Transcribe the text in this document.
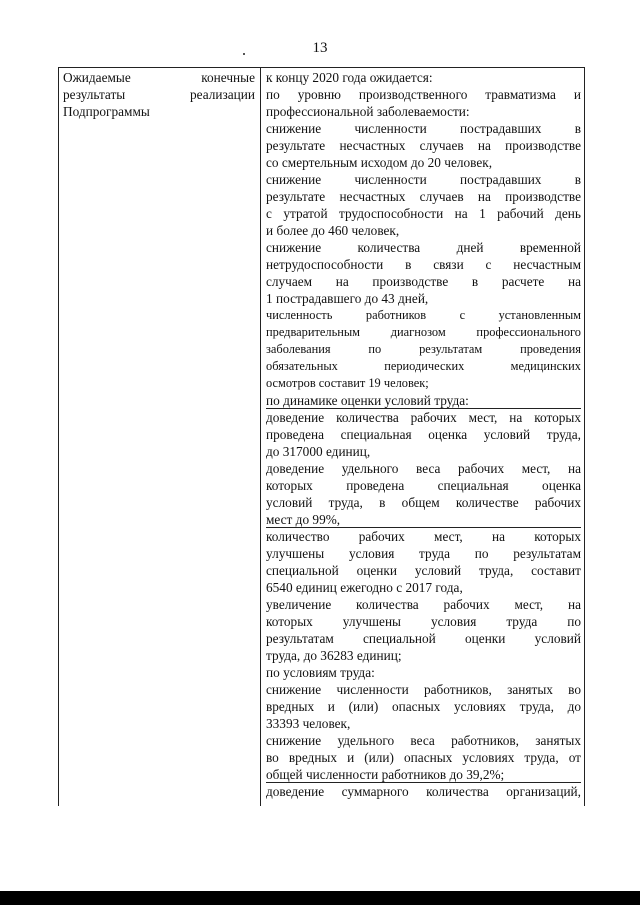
13
Ожидаемые	конечные
результаты	реализации
Подпрограммы
к концу 2020 года ожидается:
по уровню производственного травматизма и
профессиональной заболеваемости:
снижение численности пострадавших в
результате несчастных случаев на производстве
со смертельным исходом до 20 человек,
снижение численности пострадавших в
результате несчастных случаев на производстве
с утратой трудоспособности на 1 рабочий день
и более до 460 человек,
снижение количества дней временной
нетрудоспособности в связи с несчастным
случаем на производстве в расчете на
1 пострадавшего до 43 дней,
численность работников с установленным
предварительным диагнозом профессионального
заболевания по результатам проведения
обязательных периодических медицинских
осмотров составит 19 человек;
по динамике оценки условий труда:
доведение количества рабочих мест, на которых
проведена специальная оценка условий труда,
до 317000 единиц,
доведение удельного веса рабочих мест, на
которых проведена специальная оценка
условий труда, в общем количестве рабочих
мест до 99%,
количество рабочих мест, на которых
улучшены условия труда по результатам
специальной оценки условий труда, составит
6540 единиц ежегодно с 2017 года,
увеличение количества рабочих мест, на
которых улучшены условия труда по
результатам специальной оценки условий
труда, до 36283 единиц;
по условиям труда:
снижение численности работников, занятых во
вредных и (или) опасных условиях труда, до
33393 человек,
снижение удельного веса работников, занятых
во вредных и (или) опасных условиях труда, от
общей численности работников до 39,2%;
доведение суммарного количества организаций,
